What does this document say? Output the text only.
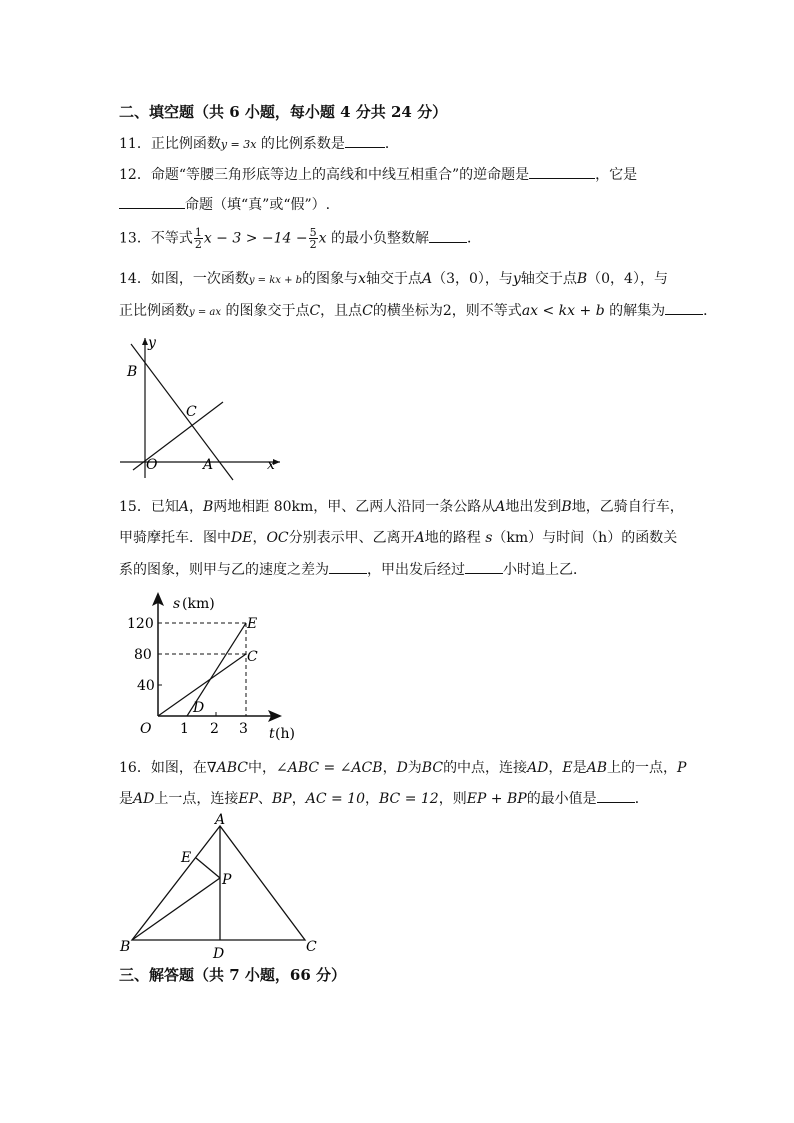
二、填空题（共 6 小题，每小题 4 分共 24 分）
11．正比例函数y = 3x 的比例系数是	．
12．命题“等腰三角形底等边上的高线和中线互相重合”的逆命题是	，它是
命题（填“真”或“假”）.
13．不等式 $\frac{1}{2}$ $x - 3 > -14 - \frac{5}{2}$ x 的最小负整数解	．
14．如图，一次函数y = kx + b的图象与x轴交于点A（3，0），与y轴交于点B（0，4），与
正比例函数y = ax 的图象交于点C，且点C的横坐标为2，则不等式ax < kx + b 的解集为	．
B
C
O	A	x
y
15．已知A，B两地相距 80km，甲、乙两人沿同一条公路从A地出发到B地，乙骑自行车，
甲骑摩托车．图中DE，OC分别表示甲、乙离开A地的路程 s（km）与时间（h）的函数关
系的图象，则甲与乙的速度之差为	，甲出发后经过	小时追上乙．
s (km)
120
80
40
O 1 2 3
D
E
C
t (h)
16．如图，在∇ABC中，∠ABC = ∠ACB，D为BC的中点，连接AD，E是AB上的一点，P
是AD上一点，连接EP、BP，AC = 10，BC = 12，则EP + BP的最小值是	．
A
E
P
B	D	C
三、解答题（共 7 小题，66 分）
